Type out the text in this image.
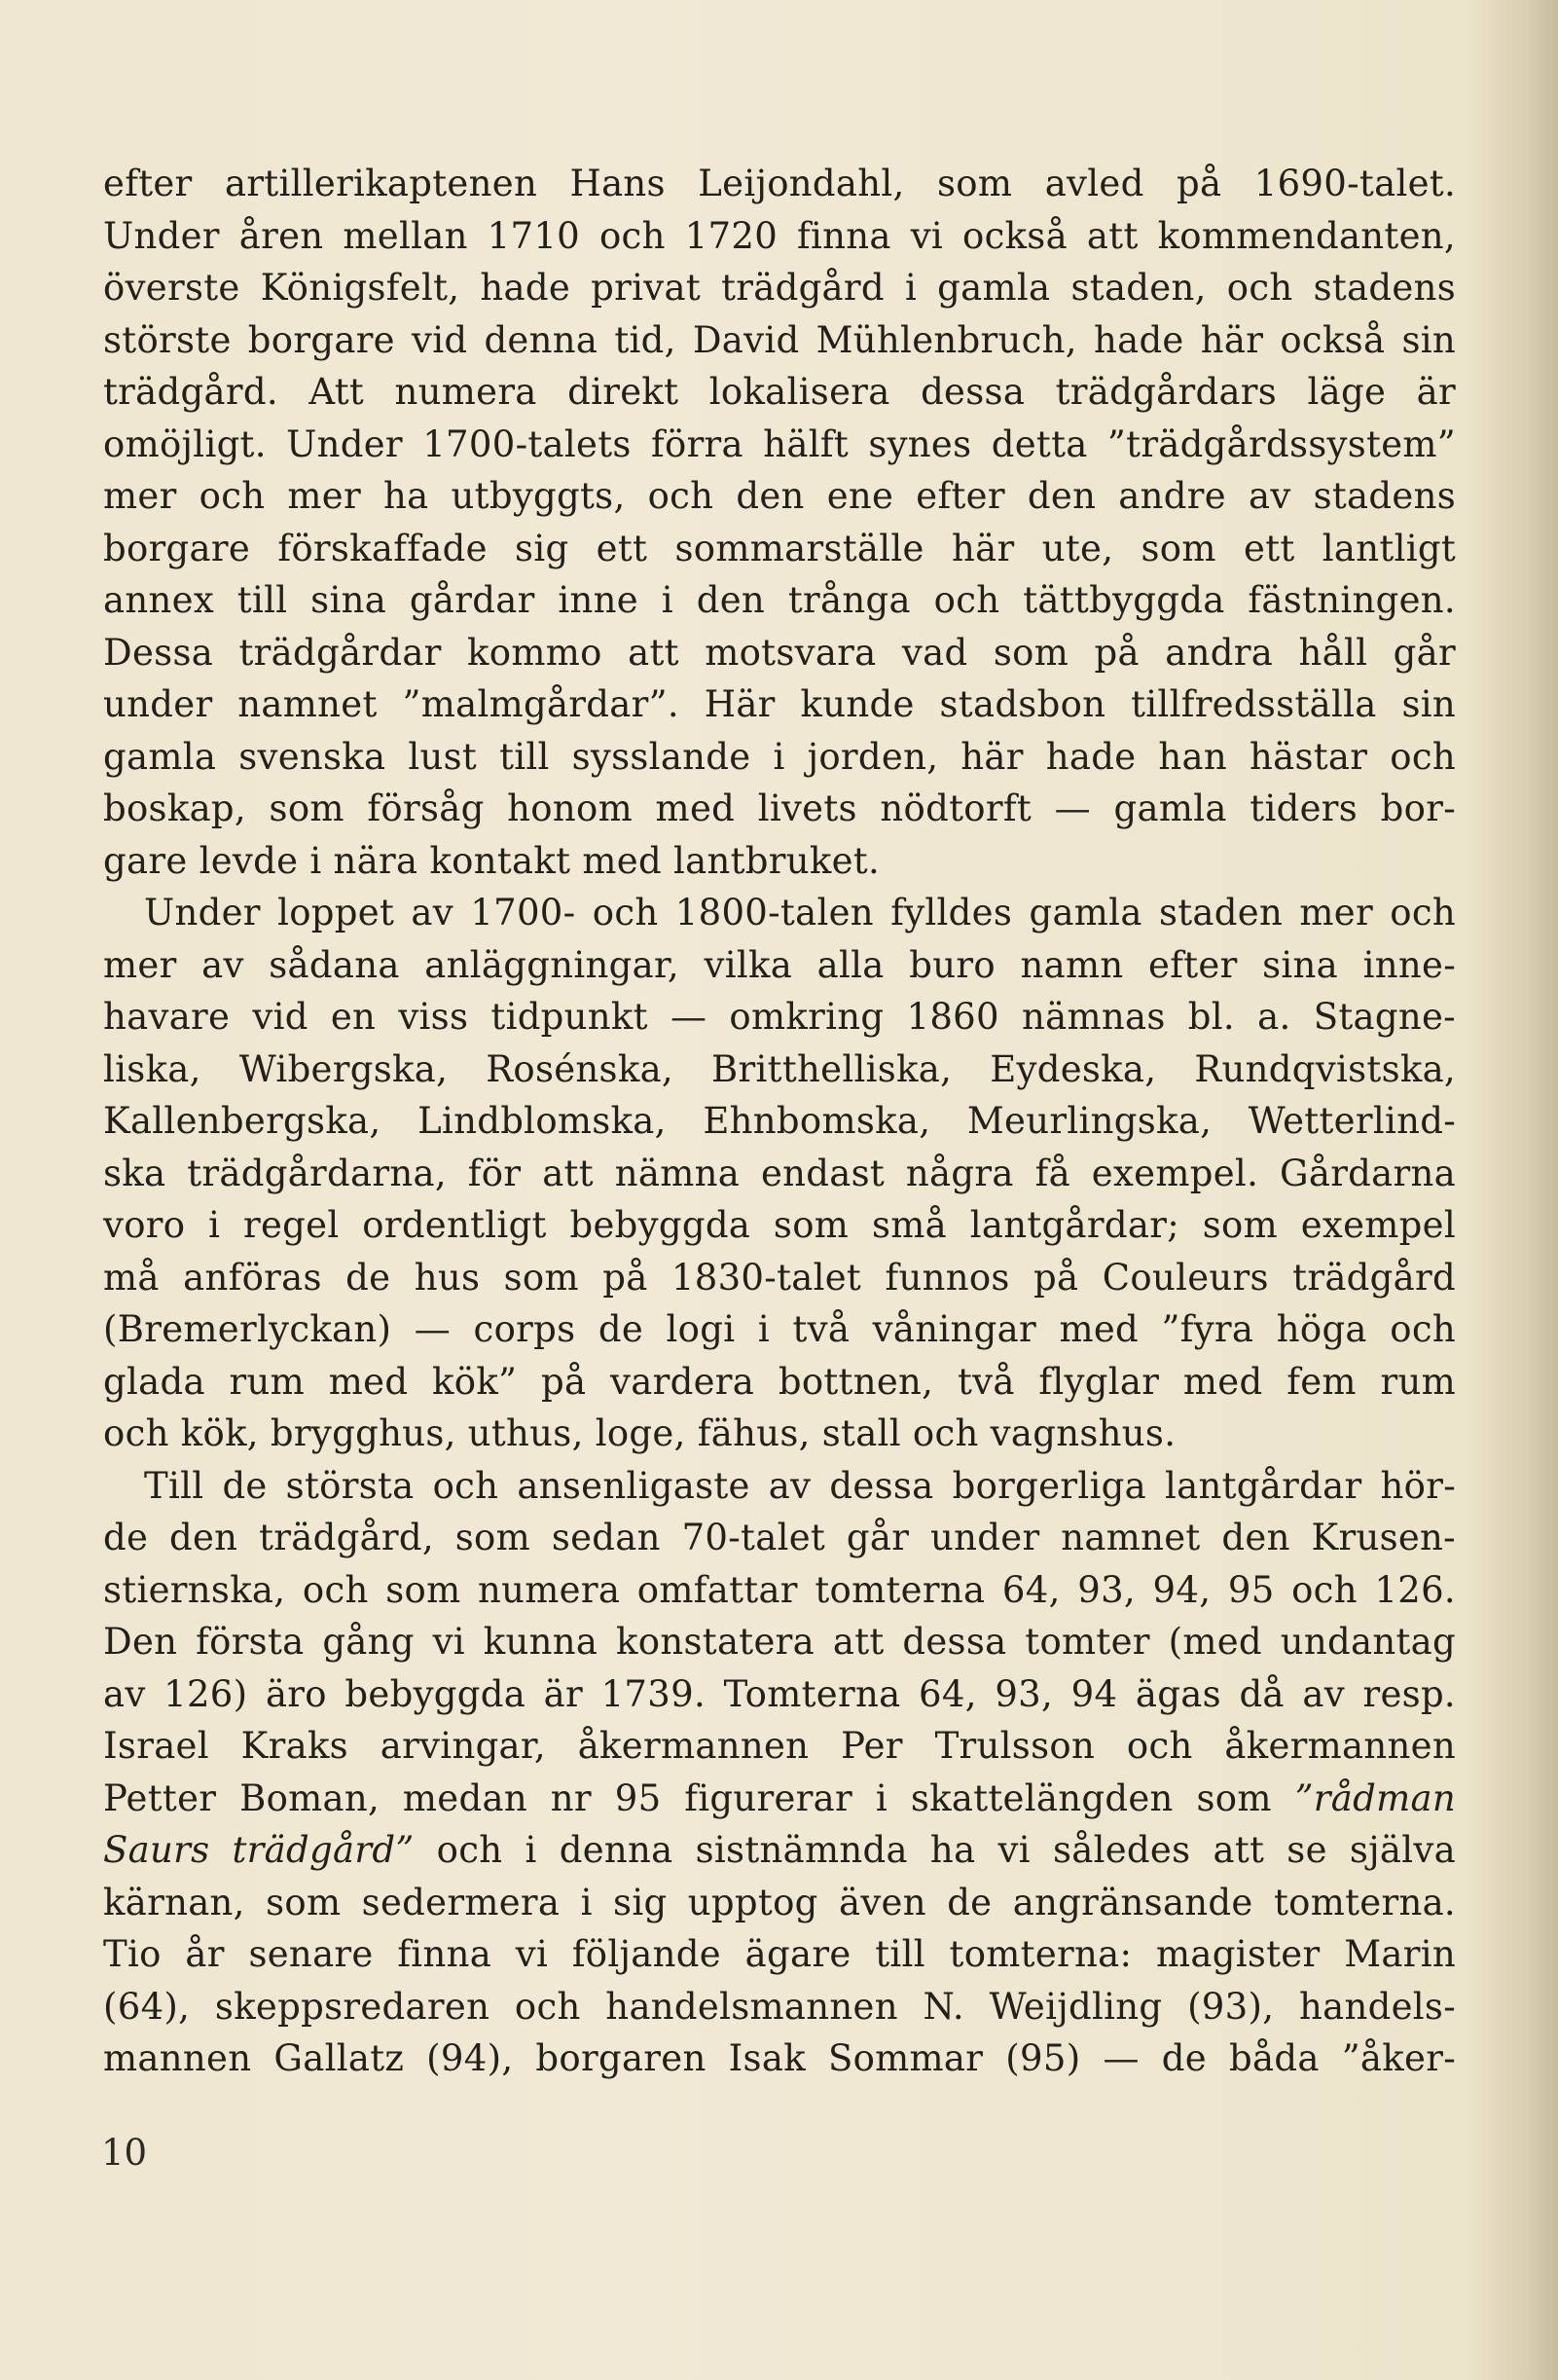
efter artillerikaptenen Hans Leijondahl, som avled på 1690-talet.
Under åren mellan 1710 och 1720 finna vi också att kommendanten,
överste Königsfelt, hade privat trädgård i gamla staden, och stadens
störste borgare vid denna tid, David Mühlenbruch, hade här också sin
trädgård. Att numera direkt lokalisera dessa trädgårdars läge är
omöjligt. Under 1700-talets förra hälft synes detta ”trädgårdssystem”
mer och mer ha utbyggts, och den ene efter den andre av stadens
borgare förskaffade sig ett sommarställe här ute, som ett lantligt
annex till sina gårdar inne i den trånga och tättbyggda fästningen.
Dessa trädgårdar kommo att motsvara vad som på andra håll går
under namnet ”malmgårdar”. Här kunde stadsbon tillfredsställa sin
gamla svenska lust till sysslande i jorden, här hade han hästar och
boskap, som försåg honom med livets nödtorft — gamla tiders bor-
gare levde i nära kontakt med lantbruket.
Under loppet av 1700- och 1800-talen fylldes gamla staden mer och
mer av sådana anläggningar, vilka alla buro namn efter sina inne-
havare vid en viss tidpunkt — omkring 1860 nämnas bl. a. Stagne-
liska, Wibergska, Rosénska, Britthelliska, Eydeska, Rundqvistska,
Kallenbergska, Lindblomska, Ehnbomska, Meurlingska, Wetterlind-
ska trädgårdarna, för att nämna endast några få exempel. Gårdarna
voro i regel ordentligt bebyggda som små lantgårdar; som exempel
må anföras de hus som på 1830-talet funnos på Couleurs trädgård
(Bremerlyckan) — corps de logi i två våningar med ”fyra höga och
glada rum med kök” på vardera bottnen, två flyglar med fem rum
och kök, brygghus, uthus, loge, fähus, stall och vagnshus.
Till de största och ansenligaste av dessa borgerliga lantgårdar hör-
de den trädgård, som sedan 70-talet går under namnet den Krusen-
stiernska, och som numera omfattar tomterna 64, 93, 94, 95 och 126.
Den första gång vi kunna konstatera att dessa tomter (med undantag
av 126) äro bebyggda är 1739. Tomterna 64, 93, 94 ägas då av resp.
Israel Kraks arvingar, åkermannen Per Trulsson och åkermannen
Petter Boman, medan nr 95 figurerar i skattelängden som ”rådman
Saurs trädgård” och i denna sistnämnda ha vi således att se själva
kärnan, som sedermera i sig upptog även de angränsande tomterna.
Tio år senare finna vi följande ägare till tomterna: magister Marin
(64), skeppsredaren och handelsmannen N. Weijdling (93), handels-
mannen Gallatz (94), borgaren Isak Sommar (95) — de båda ”åker-
10
